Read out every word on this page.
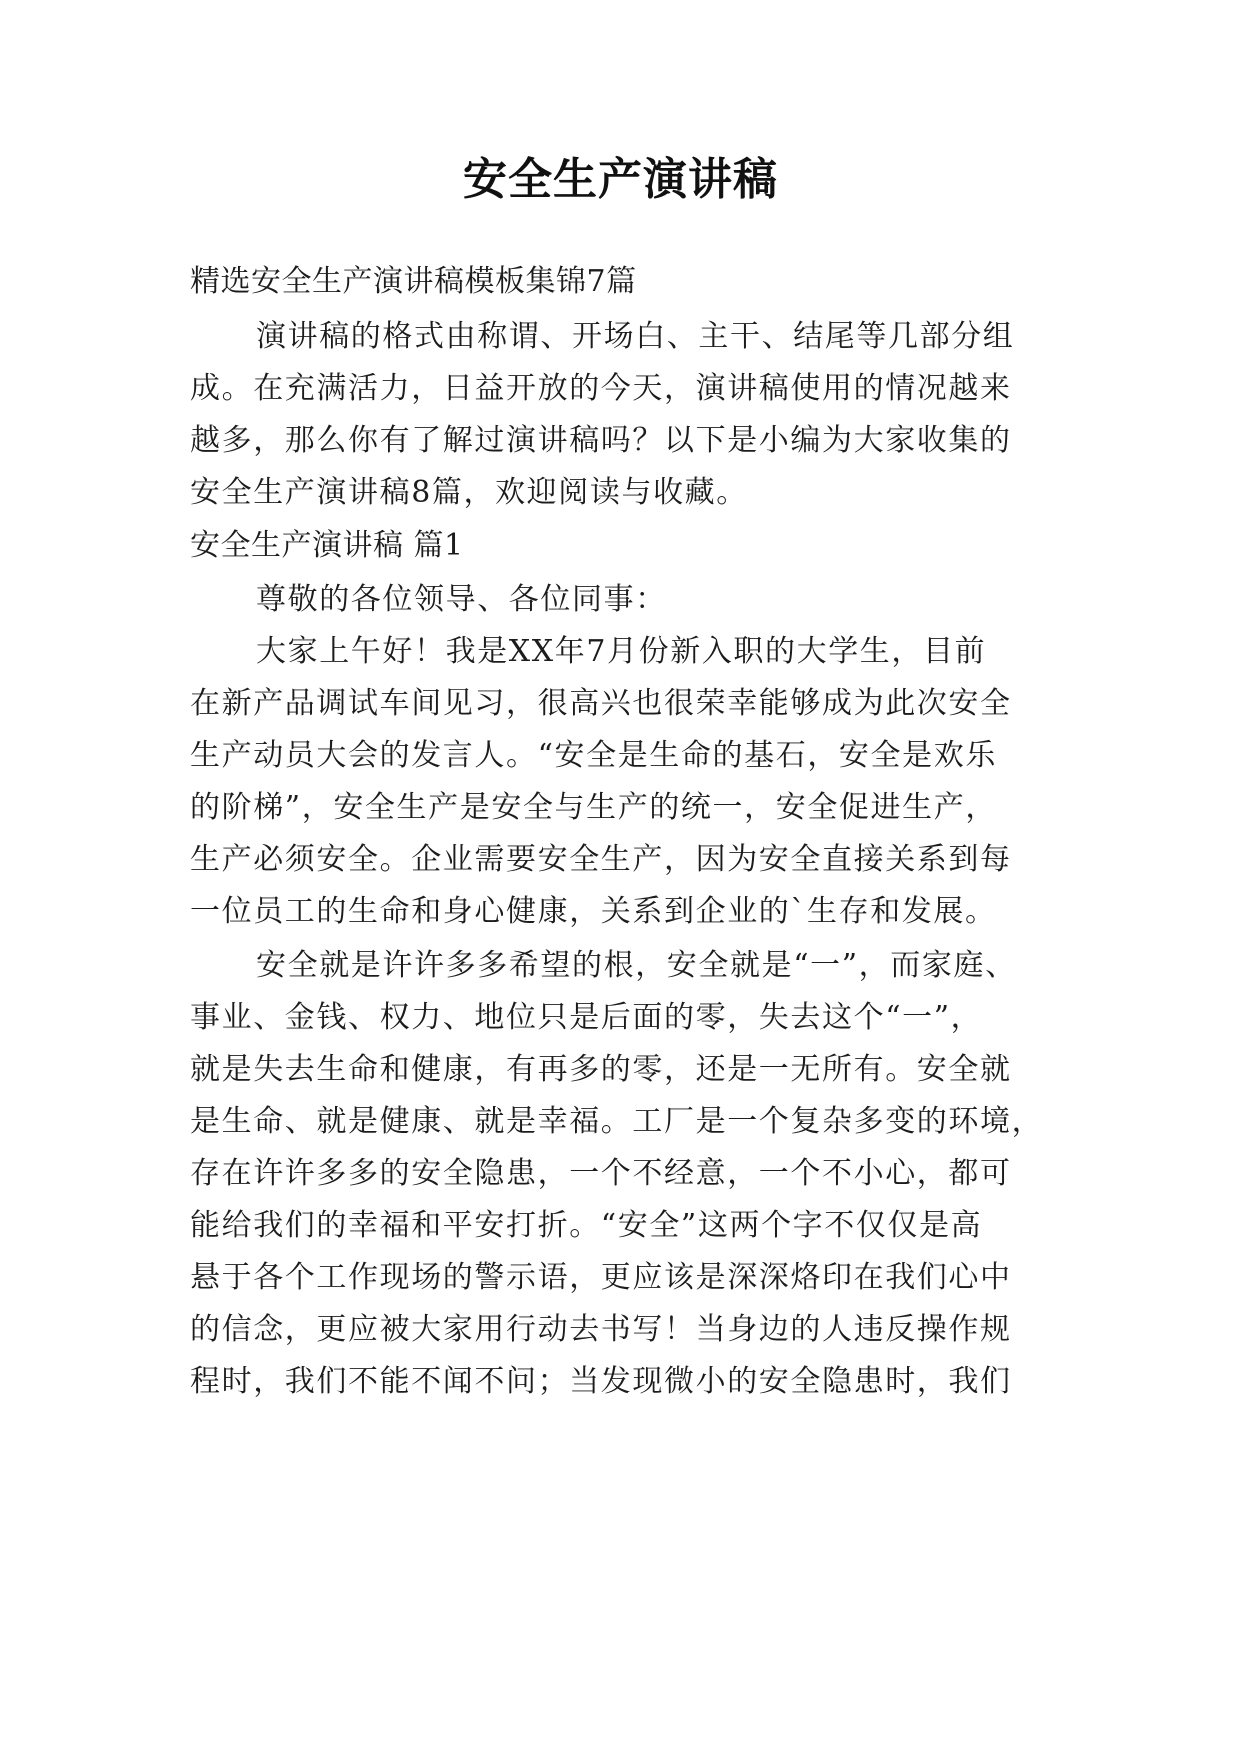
安全生产演讲稿
精选安全生产演讲稿模板集锦7篇
演讲稿的格式由称谓、开场白、主干、结尾等几部分组
成。在充满活力，日益开放的今天，演讲稿使用的情况越来
越多，那么你有了解过演讲稿吗？以下是小编为大家收集的
安全生产演讲稿8篇，欢迎阅读与收藏。
安全生产演讲稿 篇1
尊敬的各位领导、各位同事：
大家上午好！我是XX年7月份新入职的大学生，目前
在新产品调试车间见习，很高兴也很荣幸能够成为此次安全
生产动员大会的发言人。“安全是生命的基石，安全是欢乐
的阶梯”，安全生产是安全与生产的统一，安全促进生产，
生产必须安全。企业需要安全生产，因为安全直接关系到每
一位员工的生命和身心健康，关系到企业的`生存和发展。
安全就是许许多多希望的根，安全就是“一”，而家庭、
事业、金钱、权力、地位只是后面的零，失去这个“一”，
就是失去生命和健康，有再多的零，还是一无所有。安全就
是生命、就是健康、就是幸福。工厂是一个复杂多变的环境，
存在许许多多的安全隐患，一个不经意，一个不小心，都可
能给我们的幸福和平安打折。“安全”这两个字不仅仅是高
悬于各个工作现场的警示语，更应该是深深烙印在我们心中
的信念，更应被大家用行动去书写！当身边的人违反操作规
程时，我们不能不闻不问；当发现微小的安全隐患时，我们
